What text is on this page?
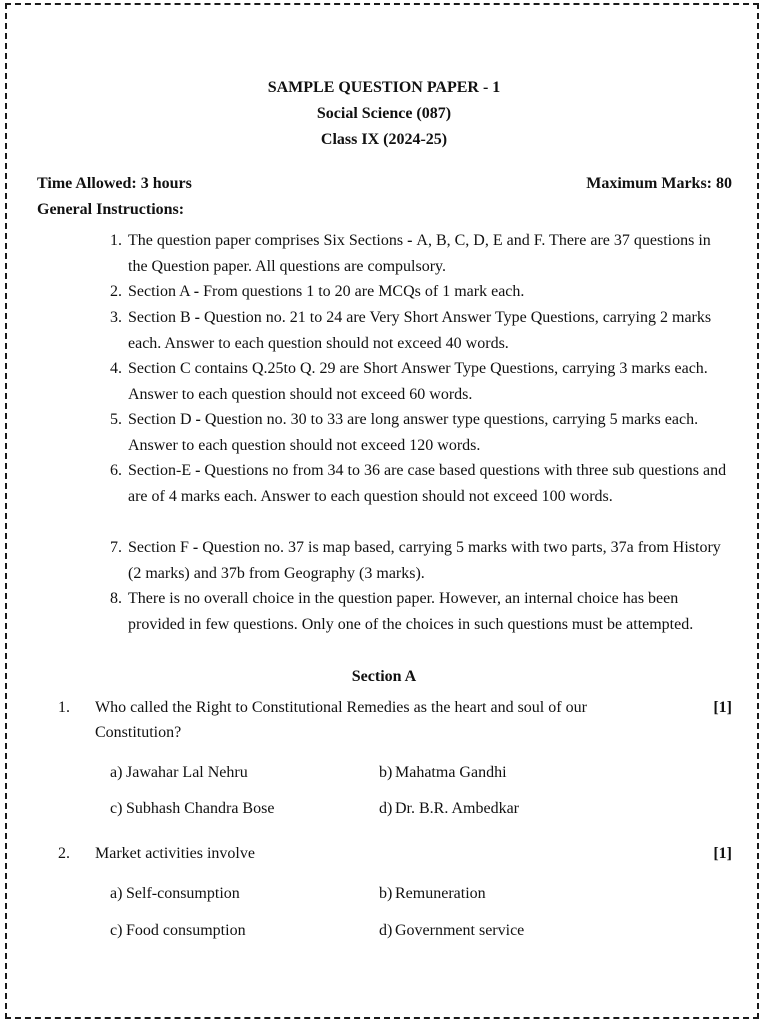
SAMPLE QUESTION PAPER - 1
Social Science (087)
Class IX (2024-25)
Time Allowed: 3 hours	Maximum Marks: 80
General Instructions:
1. The question paper comprises Six Sections - A, B, C, D, E and F. There are 37 questions in the Question paper. All questions are compulsory.
2. Section A - From questions 1 to 20 are MCQs of 1 mark each.
3. Section B - Question no. 21 to 24 are Very Short Answer Type Questions, carrying 2 marks each. Answer to each question should not exceed 40 words.
4. Section C contains Q.25to Q. 29 are Short Answer Type Questions, carrying 3 marks each. Answer to each question should not exceed 60 words.
5. Section D - Question no. 30 to 33 are long answer type questions, carrying 5 marks each. Answer to each question should not exceed 120 words.
6. Section-E - Questions no from 34 to 36 are case based questions with three sub questions and are of 4 marks each. Answer to each question should not exceed 100 words.
7. Section F - Question no. 37 is map based, carrying 5 marks with two parts, 37a from History (2 marks) and 37b from Geography (3 marks).
8. There is no overall choice in the question paper. However, an internal choice has been provided in few questions. Only one of the choices in such questions must be attempted.
Section A
1. Who called the Right to Constitutional Remedies as the heart and soul of our
Constitution?
[1]
a) Jawahar Lal Nehru	b) Mahatma Gandhi
c) Subhash Chandra Bose	d) Dr. B.R. Ambedkar
2. Market activities involve	[1]
a) Self-consumption	b) Remuneration
c) Food consumption	d) Government service
